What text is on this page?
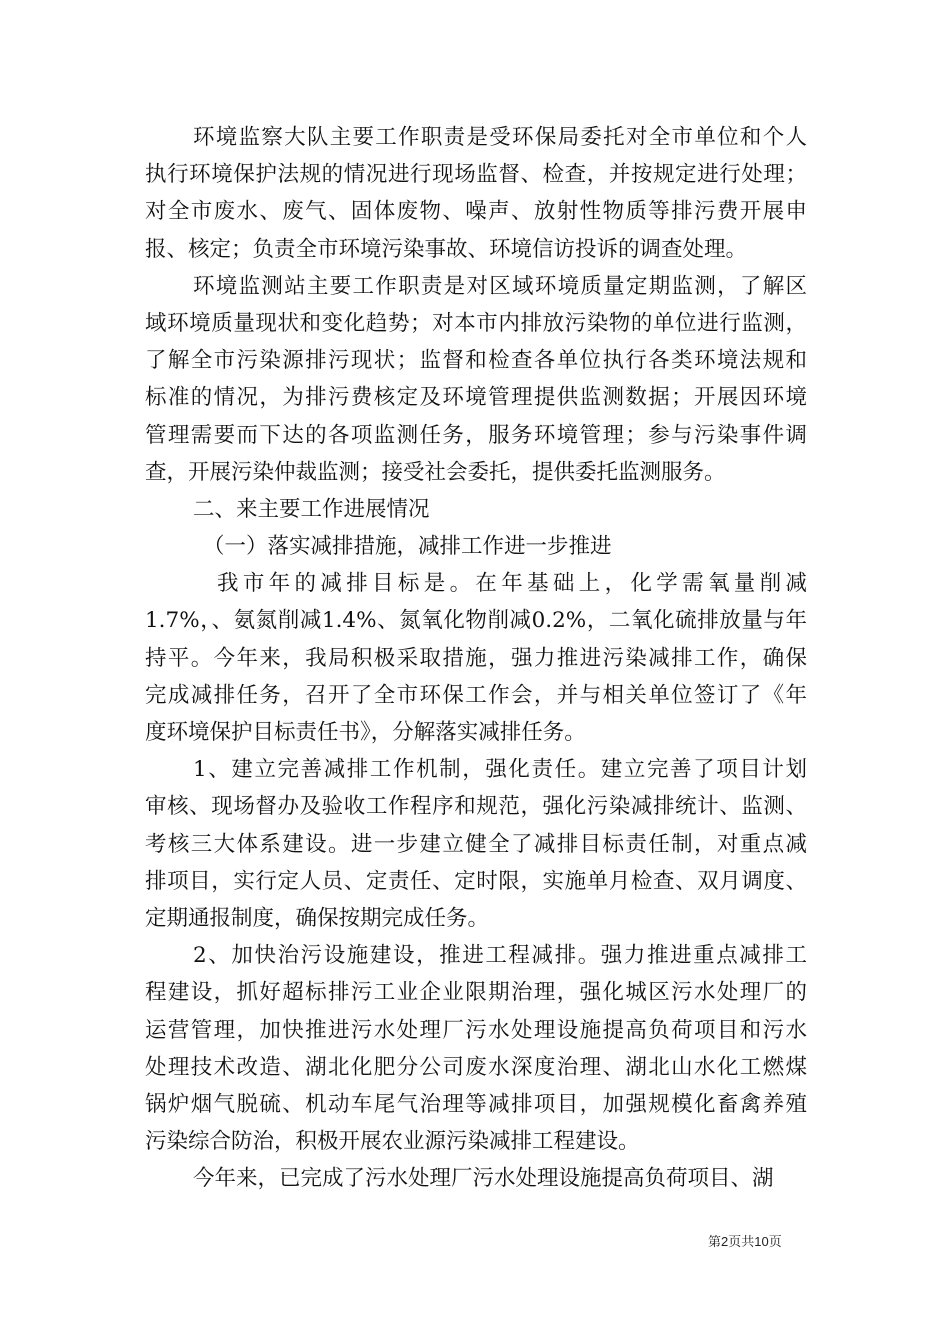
环境监察大队主要工作职责是受环保局委托对全市单位和个人
执行环境保护法规的情况进行现场监督、检查，并按规定进行处理；
对全市废水、废气、固体废物、噪声、放射性物质等排污费开展申
报、核定；负责全市环境污染事故、环境信访投诉的调查处理。
环境监测站主要工作职责是对区域环境质量定期监测，了解区
域环境质量现状和变化趋势；对本市内排放污染物的单位进行监测，
了解全市污染源排污现状；监督和检查各单位执行各类环境法规和
标准的情况，为排污费核定及环境管理提供监测数据；开展因环境
管理需要而下达的各项监测任务，服务环境管理；参与污染事件调
查，开展污染仲裁监测；接受社会委托，提供委托监测服务。
二、来主要工作进展情况
（一）落实减排措施，减排工作进一步推进
我市年的减排目标是。在年基础上，化学需氧量削减
1.7%，、氨氮削减1.4%、氮氧化物削减0.2%，二氧化硫排放量与年
持平。今年来，我局积极采取措施，强力推进污染减排工作，确保
完成减排任务，召开了全市环保工作会，并与相关单位签订了《年
度环境保护目标责任书》，分解落实减排任务。
1、建立完善减排工作机制，强化责任。建立完善了项目计划
审核、现场督办及验收工作程序和规范，强化污染减排统计、监测、
考核三大体系建设。进一步建立健全了减排目标责任制，对重点减
排项目，实行定人员、定责任、定时限，实施单月检查、双月调度、
定期通报制度，确保按期完成任务。
2、加快治污设施建设，推进工程减排。强力推进重点减排工
程建设，抓好超标排污工业企业限期治理，强化城区污水处理厂的
运营管理，加快推进污水处理厂污水处理设施提高负荷项目和污水
处理技术改造、湖北化肥分公司废水深度治理、湖北山水化工燃煤
锅炉烟气脱硫、机动车尾气治理等减排项目，加强规模化畜禽养殖
污染综合防治，积极开展农业源污染减排工程建设。
今年来，已完成了污水处理厂污水处理设施提高负荷项目、湖
第2页共10页
